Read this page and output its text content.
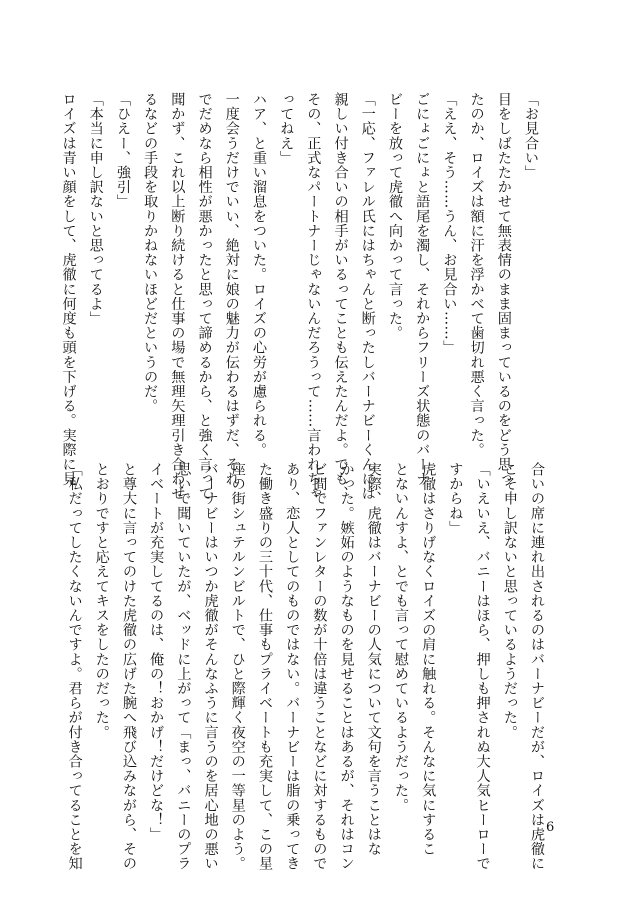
「お見合い」
目をしばたたかせて無表情のまま固まっているのをどう思っ
たのか、ロイズは額に汗を浮かべて歯切れ悪く言った。
「ええ、そう……うん、お見合い……」
ごにょごにょと語尾を濁し、それからフリーズ状態のバーナ
ビーを放って虎徹へ向かって言った。
「一応、ファレル氏にはちゃんと断ったしバーナビーくんには
親しい付き合いの相手がいるってことも伝えたんだよ。でも、
その、正式なパートナーじゃないんだろうって……言われちゃ
ってねえ」
ハア、と重い溜息をついた。ロイズの心労が慮られる。
一度会うだけでいい、絶対に娘の魅力が伝わるはずだ、それ
でだめなら相性が悪かったと思って諦めるから、と強く言って
聞かず、これ以上断り続けると仕事の場で無理矢理引き合わせ
るなどの手段を取りかねないほどだというのだ。
「ひえー、強引」
「本当に申し訳ないと思ってるよ」
ロイズは青い顔をして、虎徹に何度も頭を下げる。実際に見
合いの席に連れ出されるのはバーナビーだが、ロイズは虎徹に
こそ申し訳ないと思っているようだった。
「いえいえ、バニーはほら、押しも押されぬ大人気ヒーローで
すからね」
虎徹はさりげなくロイズの肩に触れる。そんなに気にするこ
とないんすよ、とでも言って慰めているようだった。
実際、虎徹はバーナビーの人気について文句を言うことはな
かった。嫉妬のようなものを見せることはあるが、それはコン
ビ間でファンレターの数が十倍は違うことなどに対するもので
あり、恋人としてのものではない。バーナビーは脂の乗ってき
た働き盛りの三十代、仕事もプライベートも充実して、この星
座の街シュテルンビルトで、ひと際輝く夜空の一等星のよう。
バーナビーはいつか虎徹がそんなふうに言うのを居心地の悪い
思いで聞いていたが、ベッドに上がって「まっ、バニーのプラ
イベートが充実してるのは、俺の！おかげ！だけどな！」
と尊大に言ってのけた虎徹の広げた腕へ飛び込みながら、その
とおりですと応えてキスをしたのだった。
「私だってしたくないんですよ。君らが付き合ってることを知	6
